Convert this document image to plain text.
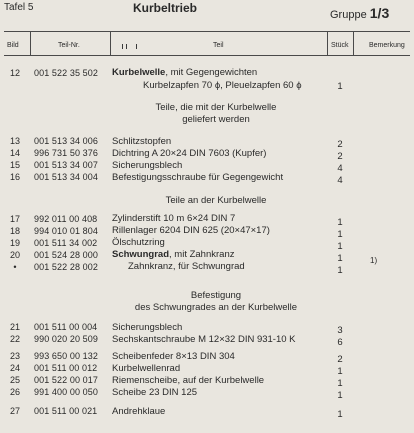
Tafel 5	Kurbeltrieb	Gruppe 1/3
Bild	Teil-Nr.	Teil	Stück	Bemerkung
12	001 522 35 502 Kurbelwelle, mit Gegengewichten
Kurbelzapfen 70 ϕ, Pleuelzapfen 60 ϕ	1
Teile, die mit der Kurbelwelle
geliefert werden
13	001 513 34 006 Schlitzstopfen	2
14	996 731 50 376 Dichtring A 20×24 DIN 7603 (Kupfer)	2
15	001 513 34 007 Sicherungsblech	4
16	001 513 34 004 Befestigungsschraube für Gegengewicht	4
Teile an der Kurbelwelle
17	992 011 00 408 Zylinderstift 10 m 6×24 DIN 7	1
18	994 010 01 804 Rillenlager 6204 DIN 625 (20×47×17)	1
19	001 511 34 002 Ölschutzring	1
20	001 524 28 000 Schwungrad, mit Zahnkranz	1	1)
•	001 522 28 002	Zahnkranz, für Schwungrad	1
Befestigung
des Schwungrades an der Kurbelwelle
21	001 511 00 004 Sicherungsblech	3
22	990 020 20 509 Sechskantschraube M 12×32 DIN 931-10 K	6
23	993 650 00 132 Scheibenfeder 8×13 DIN 304	2
24	001 511 00 012 Kurbelwellenrad	1
25	001 522 00 017 Riemenscheibe, auf der Kurbelwelle	1
26	991 400 00 050 Scheibe 23 DIN 125	1
27	001 511 00 021 Andrehklaue	1
